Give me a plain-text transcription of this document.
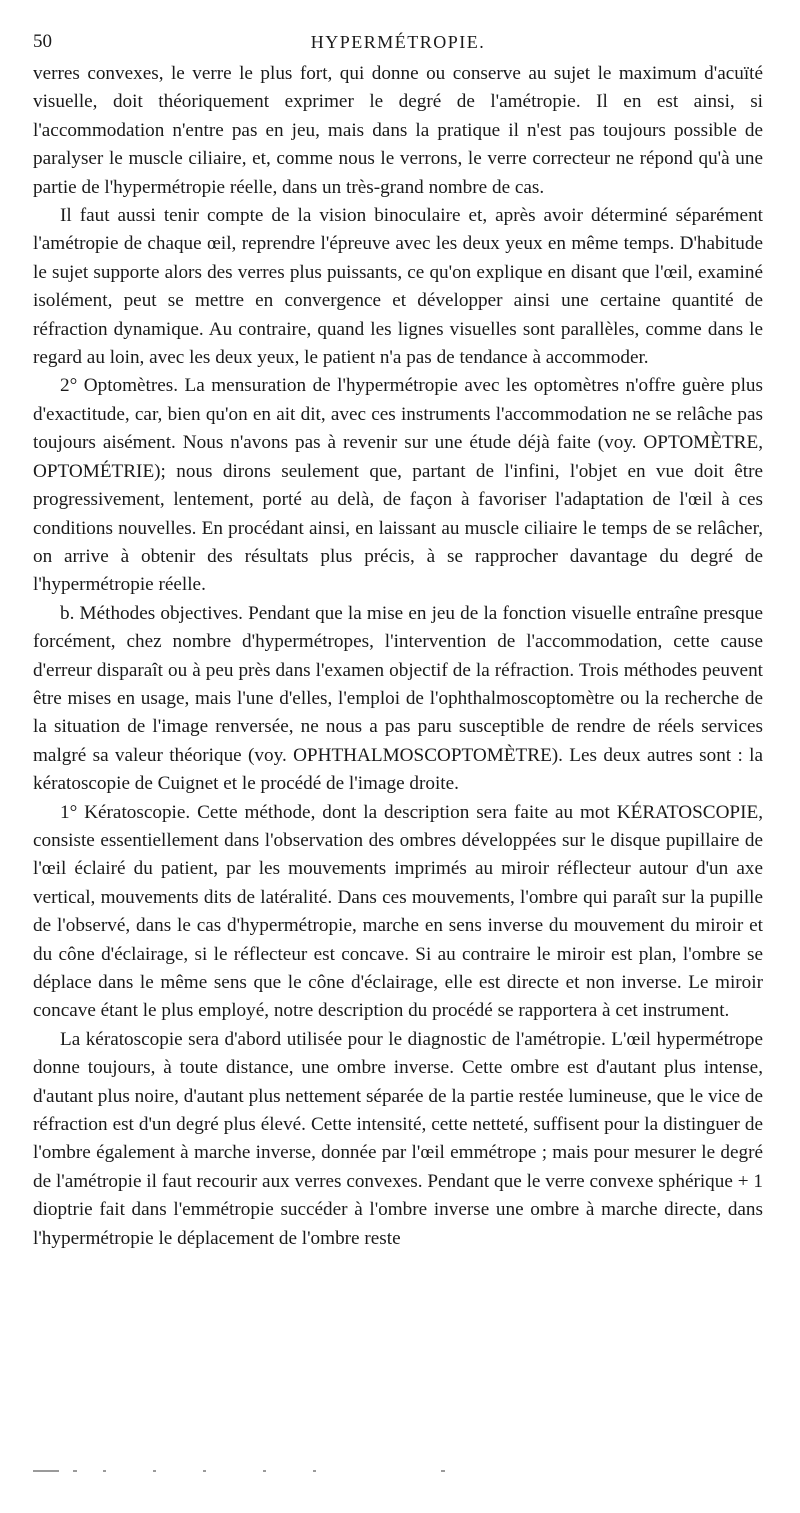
50	HYPERMÉTROPIE.

verres convexes, le verre le plus fort, qui donne ou conserve au sujet le maximum d'acuïté visuelle, doit théoriquement exprimer le degré de l'amétropie. Il en est ainsi, si l'accommodation n'entre pas en jeu, mais dans la pratique il n'est pas toujours possible de paralyser le muscle ciliaire, et, comme nous le verrons, le verre correcteur ne répond qu'à une partie de l'hypermétropie réelle, dans un très-grand nombre de cas.

Il faut aussi tenir compte de la vision binoculaire et, après avoir déterminé séparément l'amétropie de chaque œil, reprendre l'épreuve avec les deux yeux en même temps. D'habitude le sujet supporte alors des verres plus puissants, ce qu'on explique en disant que l'œil, examiné isolément, peut se mettre en convergence et développer ainsi une certaine quantité de réfraction dynamique. Au contraire, quand les lignes visuelles sont parallèles, comme dans le regard au loin, avec les deux yeux, le patient n'a pas de tendance à accommoder.

2° Optomètres. La mensuration de l'hypermétropie avec les optomètres n'offre guère plus d'exactitude, car, bien qu'on en ait dit, avec ces instruments l'accommodation ne se relâche pas toujours aisément. Nous n'avons pas à revenir sur une étude déjà faite (voy. OPTOMÈTRE, OPTOMÉTRIE); nous dirons seulement que, partant de l'infini, l'objet en vue doit être progressivement, lentement, porté au delà, de façon à favoriser l'adaptation de l'œil à ces conditions nouvelles. En procédant ainsi, en laissant au muscle ciliaire le temps de se relâcher, on arrive à obtenir des résultats plus précis, à se rapprocher davantage du degré de l'hypermétropie réelle.

b. Méthodes objectives. Pendant que la mise en jeu de la fonction visuelle entraîne presque forcément, chez nombre d'hypermétropes, l'intervention de l'accommodation, cette cause d'erreur disparaît ou à peu près dans l'examen objectif de la réfraction. Trois méthodes peuvent être mises en usage, mais l'une d'elles, l'emploi de l'ophthalmoscoptomètre ou la recherche de la situation de l'image renversée, ne nous a pas paru susceptible de rendre de réels services malgré sa valeur théorique (voy. OPHTHALMOSCOPTOMÈTRE). Les deux autres sont : la kératoscopie de Cuignet et le procédé de l'image droite.

1° Kératoscopie. Cette méthode, dont la description sera faite au mot KÉRATOSCOPIE, consiste essentiellement dans l'observation des ombres développées sur le disque pupillaire de l'œil éclairé du patient, par les mouvements imprimés au miroir réflecteur autour d'un axe vertical, mouvements dits de latéralité. Dans ces mouvements, l'ombre qui paraît sur la pupille de l'observé, dans le cas d'hypermétropie, marche en sens inverse du mouvement du miroir et du cône d'éclairage, si le réflecteur est concave. Si au contraire le miroir est plan, l'ombre se déplace dans le même sens que le cône d'éclairage, elle est directe et non inverse. Le miroir concave étant le plus employé, notre description du procédé se rapportera à cet instrument.

La kératoscopie sera d'abord utilisée pour le diagnostic de l'amétropie. L'œil hypermétrope donne toujours, à toute distance, une ombre inverse. Cette ombre est d'autant plus intense, d'autant plus noire, d'autant plus nettement séparée de la partie restée lumineuse, que le vice de réfraction est d'un degré plus élevé. Cette intensité, cette netteté, suffisent pour la distinguer de l'ombre également à marche inverse, donnée par l'œil emmétrope ; mais pour mesurer le degré de l'amétropie il faut recourir aux verres convexes. Pendant que le verre convexe sphérique + 1 dioptrie fait dans l'emmétropie succéder à l'ombre inverse une ombre à marche directe, dans l'hypermétropie le déplacement de l'ombre reste
